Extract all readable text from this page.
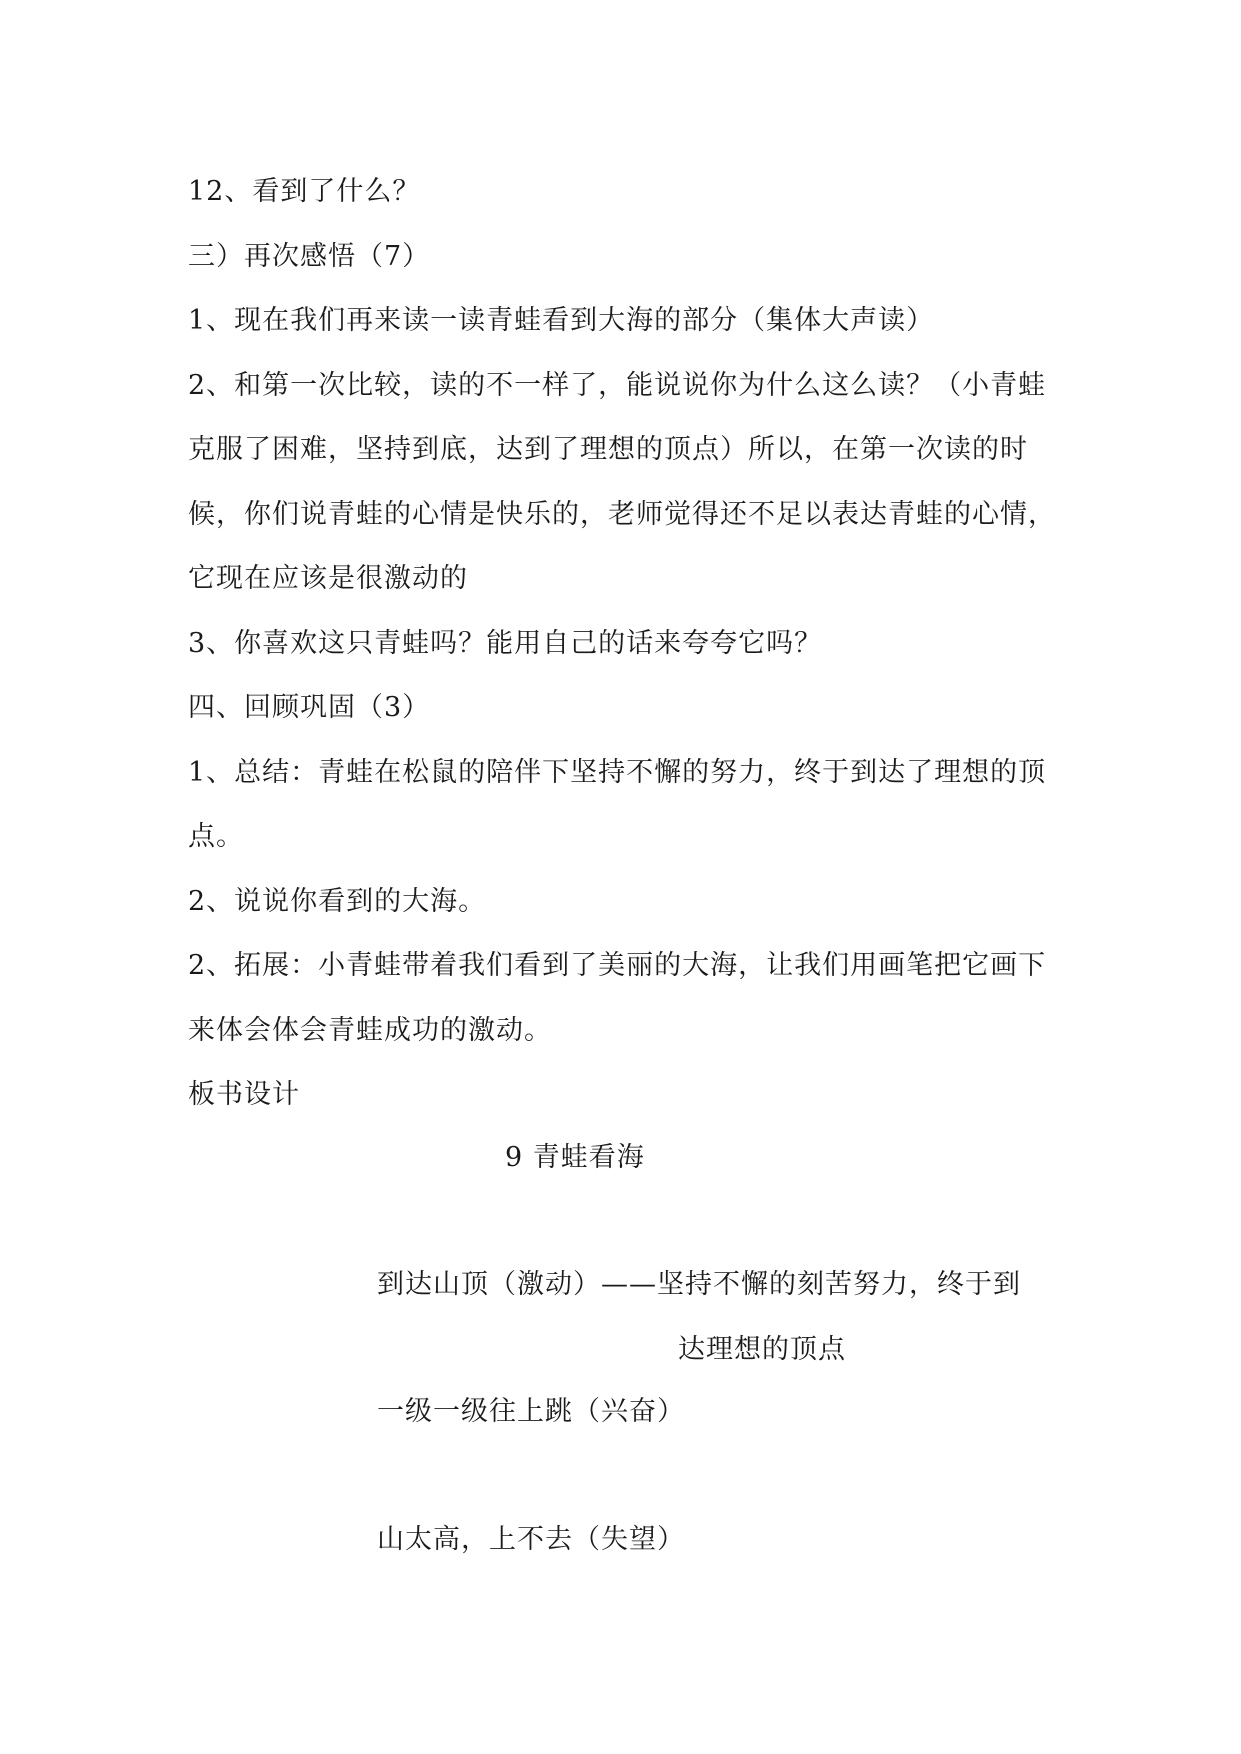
12、看到了什么？

三）再次感悟（7）

1、现在我们再来读一读青蛙看到大海的部分（集体大声读）

2、和第一次比较，读的不一样了，能说说你为什么这么读？（小青蛙克服了困难，坚持到底，达到了理想的顶点）所以，在第一次读的时候，你们说青蛙的心情是快乐的，老师觉得还不足以表达青蛙的心情，它现在应该是很激动的

3、你喜欢这只青蛙吗？能用自己的话来夸夸它吗？

四、回顾巩固（3）

1、总结：青蛙在松鼠的陪伴下坚持不懈的努力，终于到达了理想的顶点。

2、说说你看到的大海。

2、拓展：小青蛙带着我们看到了美丽的大海，让我们用画笔把它画下来体会体会青蛙成功的激动。

板书设计

9 青蛙看海
到达山顶（激动）——坚持不懈的刻苦努力，终于到
达理想的顶点
一级一级往上跳（兴奋）
山太高，上不去（失望）
